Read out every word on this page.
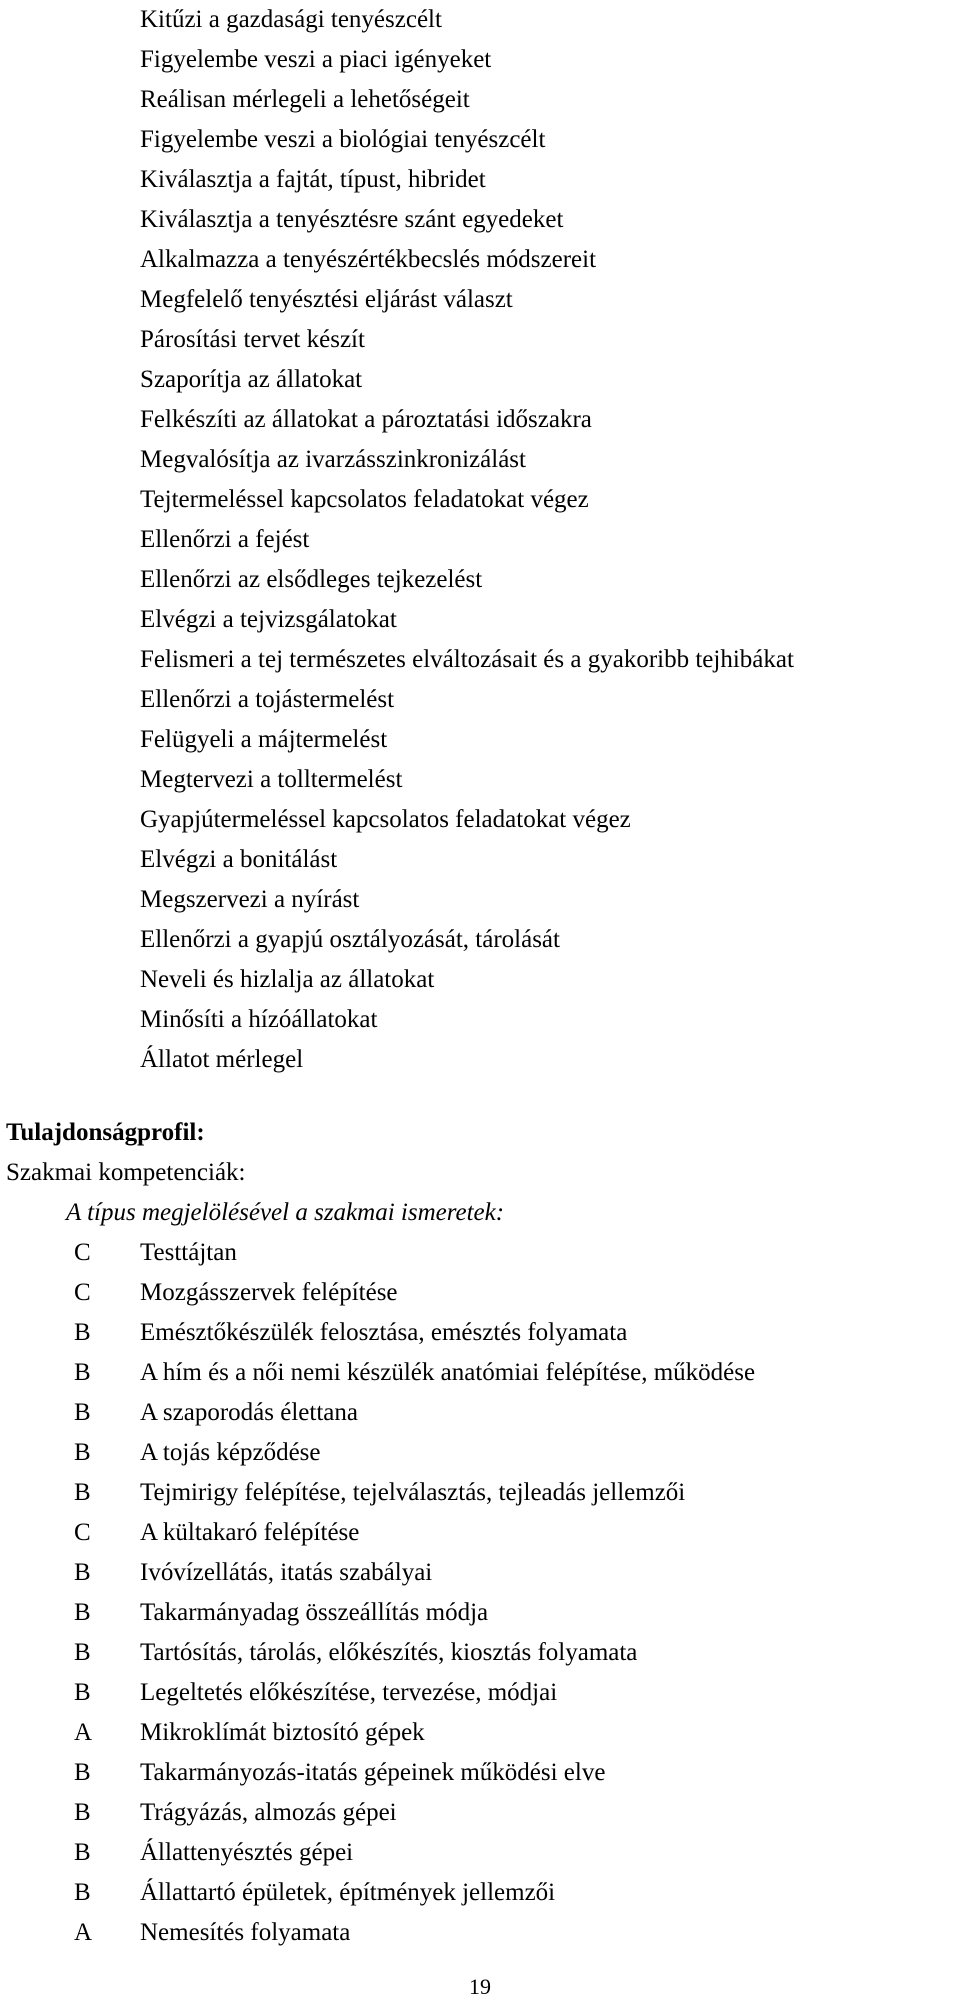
Kitűzi a gazdasági tenyészcélt
Figyelembe veszi a piaci igényeket
Reálisan mérlegeli a lehetőségeit
Figyelembe veszi a biológiai tenyészcélt
Kiválasztja a fajtát, típust, hibridet
Kiválasztja a tenyésztésre szánt egyedeket
Alkalmazza a tenyészértékbecslés módszereit
Megfelelő tenyésztési eljárást választ
Párosítási tervet készít
Szaporítja az állatokat
Felkészíti az állatokat a pároztatási időszakra
Megvalósítja az ivarzásszinkronizálást
Tejtermeléssel kapcsolatos feladatokat végez
Ellenőrzi a fejést
Ellenőrzi az elsődleges tejkezelést
Elvégzi a tejvizsgálatokat
Felismeri a tej természetes elváltozásait és a gyakoribb tejhibákat
Ellenőrzi a tojástermelést
Felügyeli a májtermelést
Megtervezi a tolltermelést
Gyapjútermeléssel kapcsolatos feladatokat végez
Elvégzi a bonitálást
Megszervezi a nyírást
Ellenőrzi a gyapjú osztályozását, tárolását
Neveli és hizlalja az állatokat
Minősíti a hízóállatokat
Állatot mérlegel
Tulajdonságprofil:
Szakmai kompetenciák:
A típus megjelölésével a szakmai ismeretek:
C Testtájtan
C Mozgásszervek felépítése
B Emésztőkészülék felosztása, emésztés folyamata
B A hím és a női nemi készülék anatómiai felépítése, működése
B A szaporodás élettana
B A tojás képződése
B Tejmirigy felépítése, tejelválasztás, tejleadás jellemzői
C A kültakaró felépítése
B Ivóvízellátás, itatás szabályai
B Takarmányadag összeállítás módja
B Tartósítás, tárolás, előkészítés, kiosztás folyamata
B Legeltetés előkészítése, tervezése, módjai
A Mikroklímát biztosító gépek
B Takarmányozás-itatás gépeinek működési elve
B Trágyázás, almozás gépei
B Állattenyésztés gépei
B Állattartó épületek, építmények jellemzői
A Nemesítés folyamata
19
